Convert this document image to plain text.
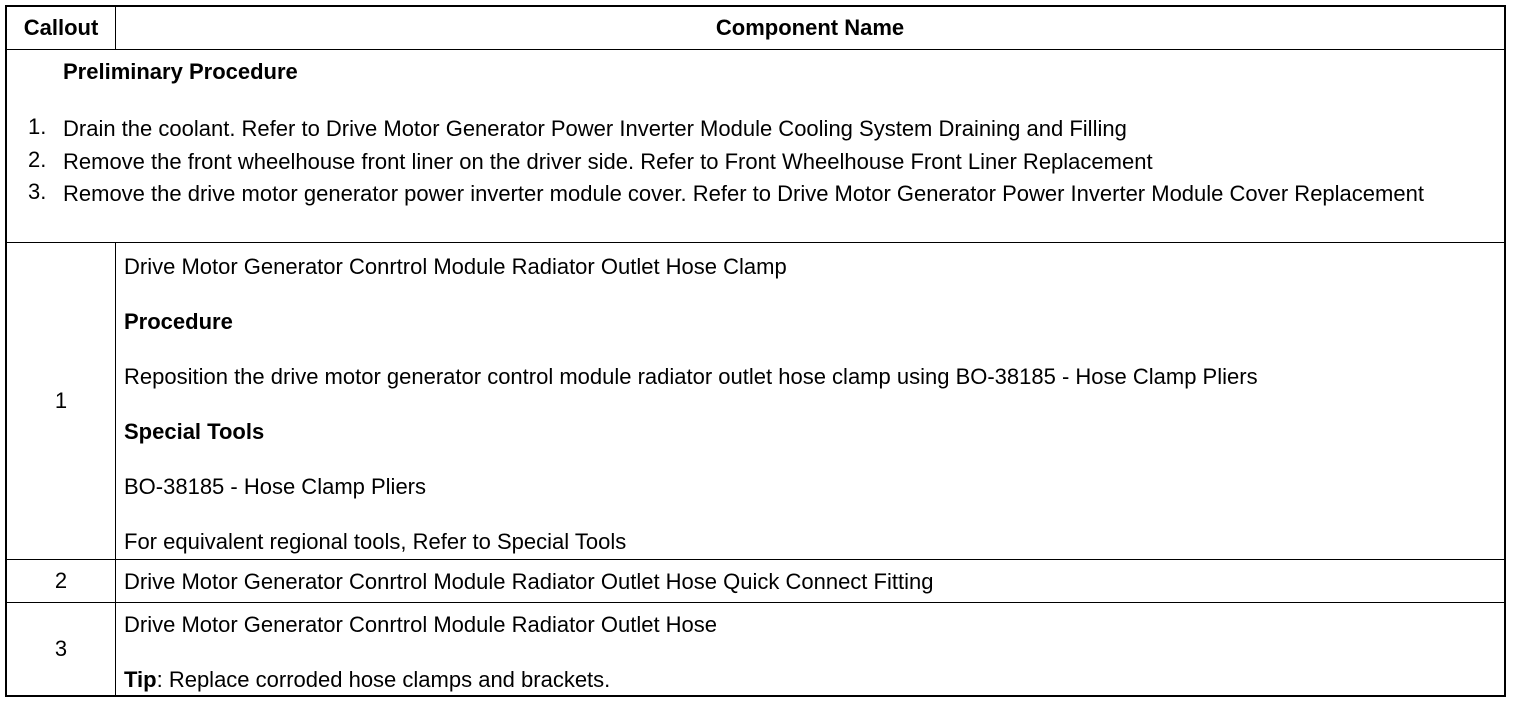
Callout	Component Name
Preliminary Procedure
1. Drain the coolant. Refer to Drive Motor Generator Power Inverter Module Cooling System Draining and Filling
2. Remove the front wheelhouse front liner on the driver side. Refer to Front Wheelhouse Front Liner Replacement
3. Remove the drive motor generator power inverter module cover. Refer to Drive Motor Generator Power Inverter Module Cover Replacement
1
Drive Motor Generator Conrtrol Module Radiator Outlet Hose Clamp
Procedure
Reposition the drive motor generator control module radiator outlet hose clamp using BO-38185 - Hose Clamp Pliers
Special Tools
BO-38185 - Hose Clamp Pliers
For equivalent regional tools, Refer to Special Tools
2	Drive Motor Generator Conrtrol Module Radiator Outlet Hose Quick Connect Fitting
3
Drive Motor Generator Conrtrol Module Radiator Outlet Hose
Tip: Replace corroded hose clamps and brackets.
